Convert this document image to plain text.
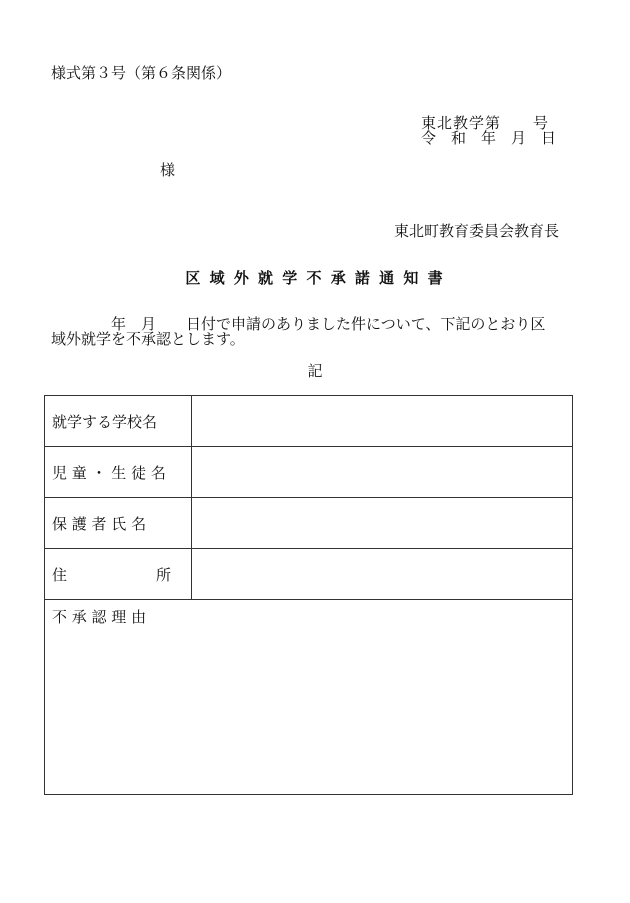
様式第３号（第６条関係）
東北教学第　　号
令　和　年　月　日
様
東北町教育委員会教育長
区 域 外 就 学 不 承 諾 通 知 書
　　　　年　月　　日付で申請のありました件について、下記のとおり区
域外就学を不承認とします。
記
就学する学校名
児 童 ・ 生 徒 名
保 護 者 氏 名
住	所
不 承 認 理 由
